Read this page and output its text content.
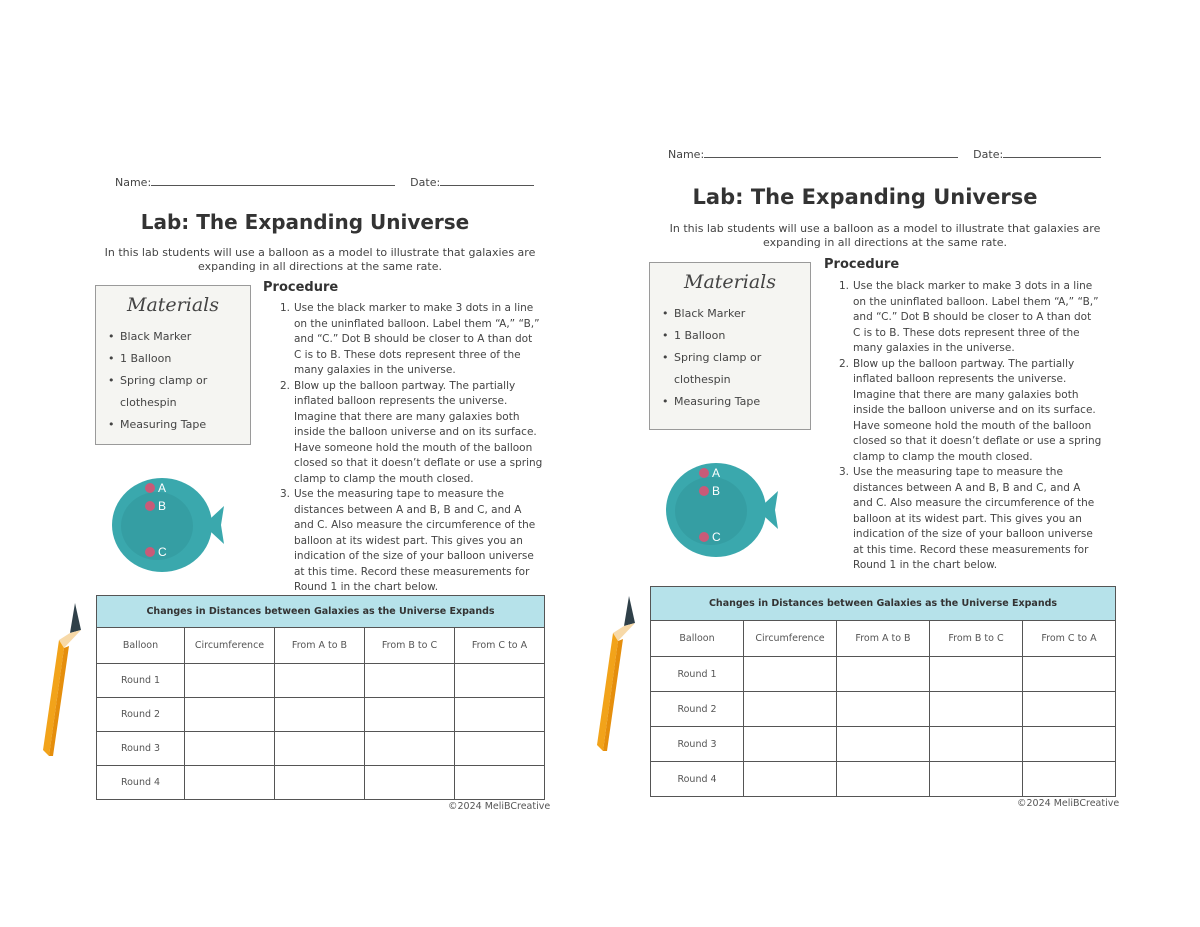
Name:	Date:
Lab: The Expanding Universe
In this lab students will use a balloon as a model to illustrate that galaxies are
expanding in all directions at the same rate.
Materials
• Black Marker
• 1 Balloon
• Spring clamp or
clothespin
• Measuring Tape
Procedure
1. Use the black marker to make 3 dots in a line
on the uninflated balloon. Label them “A,” “B,”
and “C.” Dot B should be closer to A than dot
C is to B. These dots represent three of the
many galaxies in the universe.
2. Blow up the balloon partway. The partially
inflated balloon represents the universe.
Imagine that there are many galaxies both
inside the balloon universe and on its surface.
Have someone hold the mouth of the balloon
closed so that it doesn’t deflate or use a spring
clamp to clamp the mouth closed.
3. Use the measuring tape to measure the
distances between A and B, B and C, and A
and C. Also measure the circumference of the
balloon at its widest part. This gives you an
indication of the size of your balloon universe
at this time. Record these measurements for
Round 1 in the chart below.
A
B
C
Changes in Distances between Galaxies as the Universe Expands				
Balloon	Circumference	From A to B	From B to C	From C to A
Round 1				
Round 2				
Round 3				
Round 4				
©2024 MeliBCreative
Name:	Date:
Lab: The Expanding Universe
In this lab students will use a balloon as a model to illustrate that galaxies are
expanding in all directions at the same rate.
Materials
• Black Marker
• 1 Balloon
• Spring clamp or
clothespin
• Measuring Tape
Procedure
1. Use the black marker to make 3 dots in a line
on the uninflated balloon. Label them “A,” “B,”
and “C.” Dot B should be closer to A than dot
C is to B. These dots represent three of the
many galaxies in the universe.
2. Blow up the balloon partway. The partially
inflated balloon represents the universe.
Imagine that there are many galaxies both
inside the balloon universe and on its surface.
Have someone hold the mouth of the balloon
closed so that it doesn’t deflate or use a spring
clamp to clamp the mouth closed.
3. Use the measuring tape to measure the
distances between A and B, B and C, and A
and C. Also measure the circumference of the
balloon at its widest part. This gives you an
indication of the size of your balloon universe
at this time. Record these measurements for
Round 1 in the chart below.
A
B
C
Changes in Distances between Galaxies as the Universe Expands				
Balloon	Circumference	From A to B	From B to C	From C to A
Round 1				
Round 2				
Round 3				
Round 4				
©2024 MeliBCreative
